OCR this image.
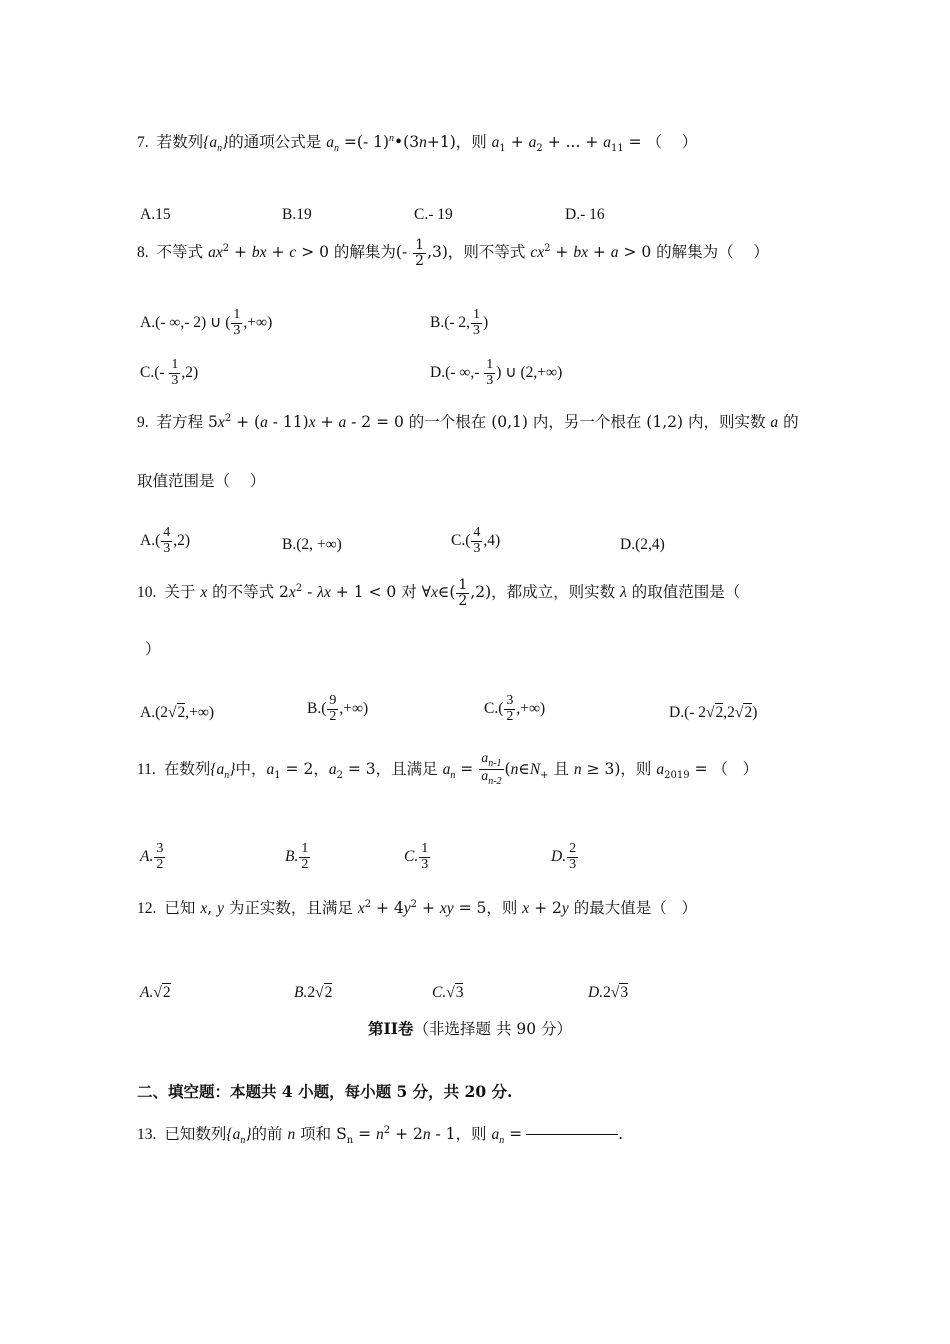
7. 若数列$\{a_n\}$的通项公式是 $a_n$ =(- 1)$^n$•(3n+1)，则 $a_1 + a_2$ + ... + $a_{11}$ = （    ）
A.15	B.19	C.- 19	D.- 16
8. 不等式 $ax^2$ + bx + c > 0 的解集为(- $\frac{1}{2} ,3$)，则不等式 $cx^2$ + bx + a > 0 的解集为（    ）
A.(- ∞,- 2) ∪ ( $\frac{1}{3}$ ,+∞)	B.(- 2, $\frac{1}{3}$ )
$C.(- \frac{1}{3} ,2)$	D.(- ∞,- $\frac{1}{3}$ ) ∪ (2,+∞)
9. 若方程 $5x^2 + (a - 11)x + a - 2 = 0$ 的一个根在 (0,1) 内，另一个根在 (1,2) 内，则实数 a 的
取值范围是（    ）
$A.( \frac{4}{3} ,2)$	B.(2, +∞)	$C.( \frac{4}{3} ,4)$	D.(2,4)
10. 关于 x 的不等式 $2x^2 - \lambda x + 1 < 0$ 对 ∀x∈( $\frac{1}{2} ,2$)，都成立，则实数 λ 的取值范围是（
）
A.(2√2,+∞)	$B.( \frac{9}{2}$ ,+∞)	$C.( \frac{3}{2}$ ,+∞)	D.(- 2√2,2√2)
11. 在数列$\{a_n\}$中，$a_1 = 2$，$a_2 = 3$，且满足 $a_n = \frac{a_{n-1}}{a_{n-2}}$ ($n\in N_+$ 且 n ≥ 3)，则 $a_{2019}$ = （   ）
A. $\frac{3}{2}$	B. $\frac{1}{2}$	C. $\frac{1}{3}$	D. $\frac{2}{3}$
12. 已知 x, y 为正实数，且满足 $x^2 + 4y^2$ + xy = 5，则 x + 2y 的最大值是（   ）
A.√2	B.2√2	C.√3	D.2√3
第II卷（非选择题 共 90 分）
二、填空题：本题共 4 小题，每小题 5 分，共 20 分.
13. 已知数列$\{a_n\}$的前 n 项和 $S_n = n^2 + 2n - 1$，则 $a_n$ =	.
